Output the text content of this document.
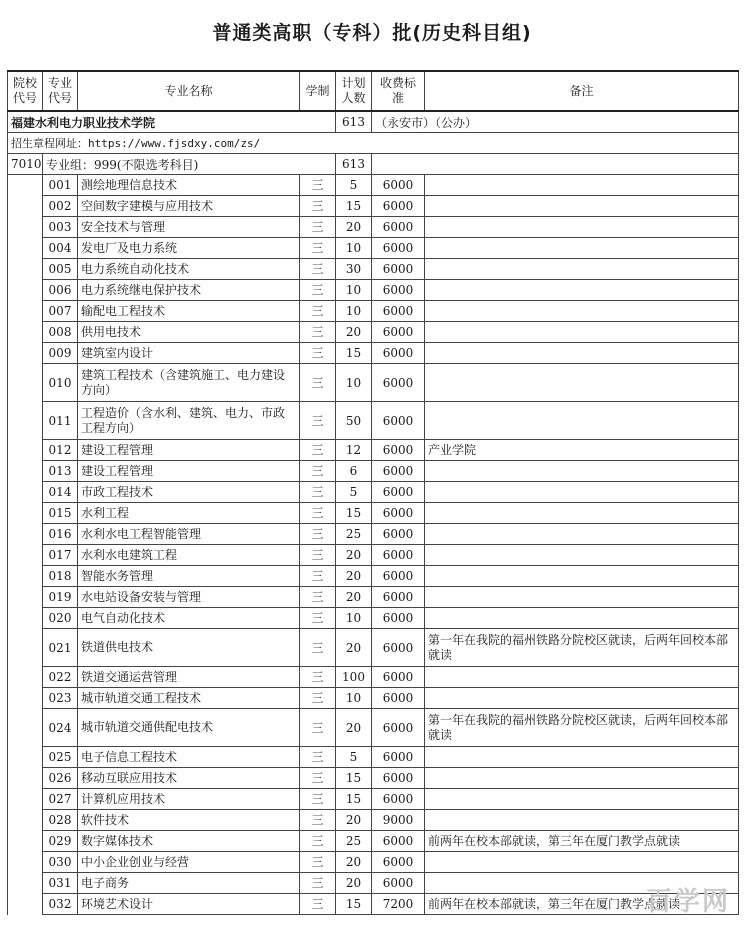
普通类高职（专科）批(历史科目组)
院校代号	专业代号	专业名称	学制	计划人数	收费标准	备注
福建水利电力职业技术学院				613	（永安市）（公办）	
招生章程网址：https://www.fjsdxy.com/zs/						
7010	专业组：999(不限选考科目)			613		
	001	测绘地理信息技术	三	5	6000	
	002	空间数字建模与应用技术	三	15	6000	
	003	安全技术与管理	三	20	6000	
	004	发电厂及电力系统	三	10	6000	
	005	电力系统自动化技术	三	30	6000	
	006	电力系统继电保护技术	三	10	6000	
	007	输配电工程技术	三	10	6000	
	008	供用电技术	三	20	6000	
	009	建筑室内设计	三	15	6000	
	010	建筑工程技术（含建筑施工、电力建设方向）	三	10	6000	
	011	工程造价（含水利、建筑、电力、市政工程方向）	三	50	6000	
	012	建设工程管理	三	12	6000	产业学院
	013	建设工程管理	三	6	6000	
	014	市政工程技术	三	5	6000	
	015	水利工程	三	15	6000	
	016	水利水电工程智能管理	三	25	6000	
	017	水利水电建筑工程	三	20	6000	
	018	智能水务管理	三	20	6000	
	019	水电站设备安装与管理	三	20	6000	
	020	电气自动化技术	三	10	6000	
	021	铁道供电技术	三	20	6000	第一年在我院的福州铁路分院校区就读，后两年回校本部就读
	022	铁道交通运营管理	三	100	6000	
	023	城市轨道交通工程技术	三	10	6000	
	024	城市轨道交通供配电技术	三	20	6000	第一年在我院的福州铁路分院校区就读，后两年回校本部就读
	025	电子信息工程技术	三	5	6000	
	026	移动互联应用技术	三	15	6000	
	027	计算机应用技术	三	15	6000	
	028	软件技术	三	20	9000	
	029	数字媒体技术	三	25	6000	前两年在校本部就读，第三年在厦门教学点就读
	030	中小企业创业与经营	三	20	6000	
	031	电子商务	三	20	6000	
	032	环境艺术设计	三	15	7200	前两年在校本部就读，第三年在厦门教学点就读
百学网
